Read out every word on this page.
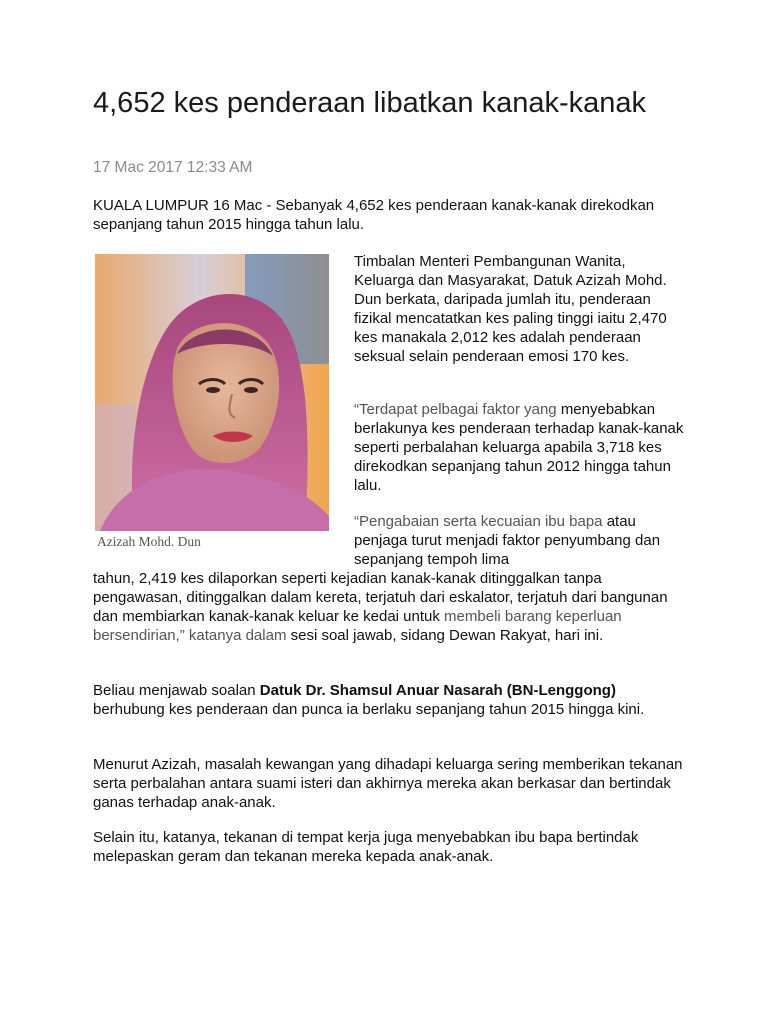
4,652 kes penderaan libatkan kanak-kanak
17 Mac 2017 12:33 AM
KUALA LUMPUR 16 Mac - Sebanyak 4,652 kes penderaan kanak-kanak direkodkan sepanjang tahun 2015 hingga tahun lalu.
Azizah Mohd. Dun
Timbalan Menteri Pembangunan Wanita, Keluarga dan Masyarakat, Datuk Azizah Mohd. Dun berkata, daripada jumlah itu, penderaan fizikal mencatatkan kes paling tinggi iaitu 2,470 kes manakala 2,012 kes adalah penderaan seksual selain penderaan emosi 170 kes.
“Terdapat pelbagai faktor yang menyebabkan berlakunya kes penderaan terhadap kanak-kanak seperti perbalahan keluarga apabila 3,718 kes direkodkan sepanjang tahun 2012 hingga tahun lalu.
“Pengabaian serta kecuaian ibu bapa atau penjaga turut menjadi faktor penyumbang dan sepanjang tempoh lima
tahun, 2,419 kes dilaporkan seperti kejadian kanak-kanak ditinggalkan tanpa pengawasan, ditinggalkan dalam kereta, terjatuh dari eskalator, terjatuh dari bangunan dan membiarkan kanak-kanak keluar ke kedai untuk membeli barang keperluan bersendirian,” katanya dalam sesi soal jawab, sidang Dewan Rakyat, hari ini.
Beliau menjawab soalan Datuk Dr. Shamsul Anuar Nasarah (BN-Lenggong) berhubung kes penderaan dan punca ia berlaku sepanjang tahun 2015 hingga kini.
Menurut Azizah, masalah kewangan yang dihadapi keluarga sering memberikan tekanan serta perbalahan antara suami isteri dan akhirnya mereka akan berkasar dan bertindak ganas terhadap anak-anak.
Selain itu, katanya, tekanan di tempat kerja juga menyebabkan ibu bapa bertindak melepaskan geram dan tekanan mereka kepada anak-anak.
